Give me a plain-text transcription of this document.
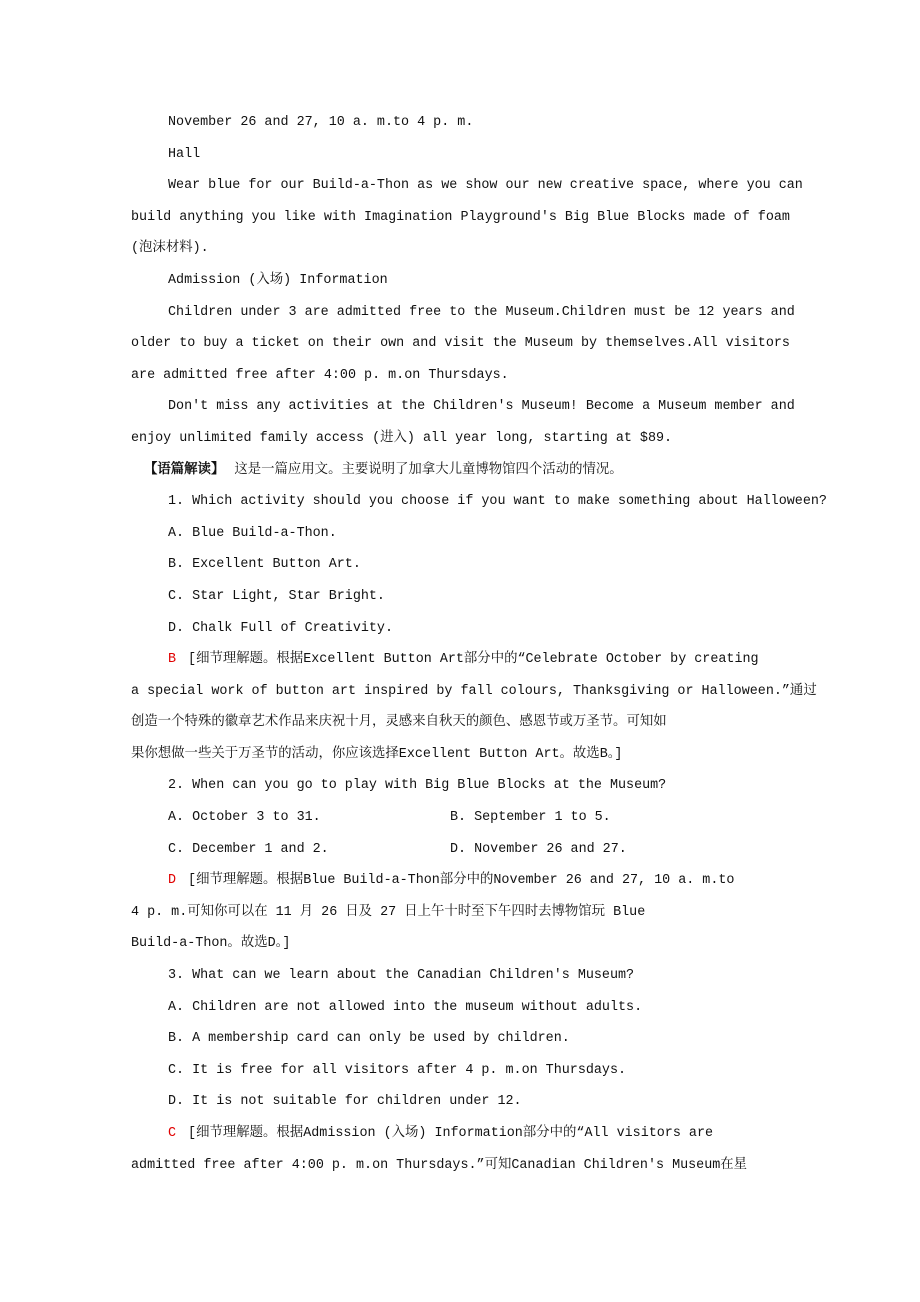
November 26 and 27, 10 a. m.to 4 p. m.
Hall
Wear blue for our Build-a-Thon as we show our new creative space, where you can
build anything you like with Imagination Playground's Big Blue Blocks made of foam
(泡沫材料).
Admission (入场) Information
Children under 3 are admitted free to the Museum.Children must be 12 years and
older to buy a ticket on their own and visit the Museum by themselves.All visitors
are admitted free after 4:00 p. m.on Thursdays.
Don't miss any activities at the Children's Museum! Become a Museum member and
enjoy unlimited family access (进入) all year long, starting at $89.
【语篇解读】 这是一篇应用文。主要说明了加拿大儿童博物馆四个活动的情况。
1. Which activity should you choose if you want to make something about Halloween?
A. Blue Build-a-Thon.
B. Excellent Button Art.
C. Star Light, Star Bright.
D. Chalk Full of Creativity.
B [细节理解题。根据Excellent Button Art部分中的“Celebrate October by creating
a special work of button art inspired by fall colours, Thanksgiving or Halloween.”通过
创造一个特殊的徽章艺术作品来庆祝十月，灵感来自秋天的颜色、感恩节或万圣节。可知如
果你想做一些关于万圣节的活动，你应该选择Excellent Button Art。故选B。]
2. When can you go to play with Big Blue Blocks at the Museum?
A. October 3 to 31.	B. September 1 to 5.
C. December 1 and 2.	D. November 26 and 27.
D [细节理解题。根据Blue Build-a-Thon部分中的November 26 and 27, 10 a. m.to
4 p. m.可知你可以在 11 月 26 日及 27 日上午十时至下午四时去博物馆玩 Blue
Build-a-Thon。故选D。]
3. What can we learn about the Canadian Children's Museum?
A. Children are not allowed into the museum without adults.
B. A membership card can only be used by children.
C. It is free for all visitors after 4 p. m.on Thursdays.
D. It is not suitable for children under 12.
C [细节理解题。根据Admission (入场) Information部分中的“All visitors are
admitted free after 4:00 p. m.on Thursdays.”可知Canadian Children's Museum在星
